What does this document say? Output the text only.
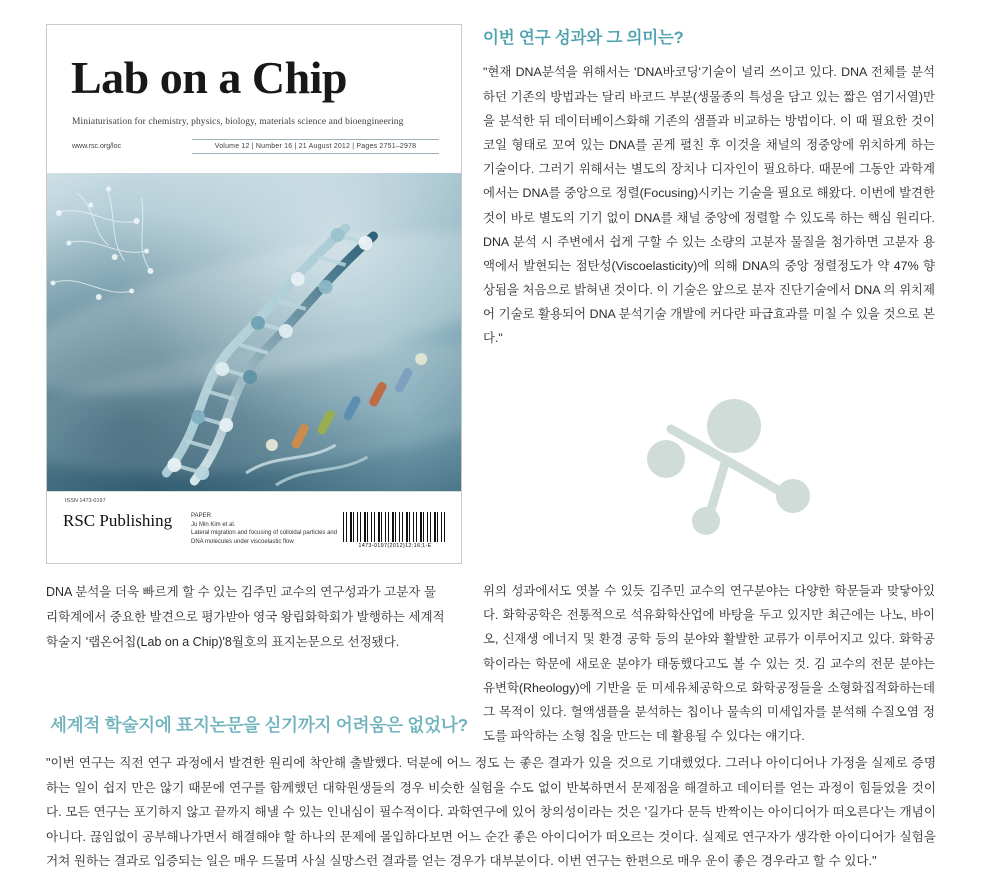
Lab on a Chip
Miniaturisation for chemistry, physics, biology, materials science and bioengineering
www.rsc.org/loc	Volume 12 | Number 16 | 21 August 2012 | Pages 2751–2978
ISSN 1473-0197
RSC Publishing	PAPER
Ju Min Kim et al.
Lateral migration and focusing of colloidal particles and DNA molecules under viscoelastic flow
1473-0197(2012)12:16;1-E
DNA 분석을 더욱 빠르게 할 수 있는 김주민 교수의 연구성과가 고분자 물리학계에서 중요한 발견으로 평가받아 영국 왕립화학회가 발행하는 세계적 학술지 '랩온어칩(Lab on a Chip)'8월호의 표지논문으로 선정됐다.
이번 연구 성과와 그 의미는?

"현재 DNA분석을 위해서는 'DNA바코딩'기술이 널리 쓰이고 있다. DNA 전체를 분석하던 기존의 방법과는 달리 바코드 부분(생물종의 특성을 담고 있는 짧은 염기서열)만을 분석한 뒤 데이터베이스화해 기존의 샘플과 비교하는 방법이다. 이 때 필요한 것이 코일 형태로 꼬여 있는 DNA를 곧게 펼친 후 이것을 채널의 정중앙에 위치하게 하는 기술이다. 그러기 위해서는 별도의 장치나 디자인이 필요하다. 때문에 그동안 과학계에서는 DNA를 중앙으로 정렬(Focusing)시키는 기술을 필요로 해왔다. 이번에 발견한 것이 바로 별도의 기기 없이 DNA를 채널 중앙에 정렬할 수 있도록 하는 핵심 원리다. DNA 분석 시 주변에서 쉽게 구할 수 있는 소량의 고분자 물질을 첨가하면 고분자 용액에서 발현되는 점탄성(Viscoelasticity)에 의해 DNA의 중앙 정렬정도가 약 47% 향상됨을 처음으로 밝혀낸 것이다. 이 기술은 앞으로 분자 진단기술에서 DNA 의 위치제어 기술로 활용되어 DNA 분석기술 개발에 커다란 파급효과를 미칠 수 있을 것으로 본다."

위의 성과에서도 엿볼 수 있듯 김주민 교수의 연구분야는 다양한 학문들과 맞닿아있다. 화학공학은 전통적으로 석유화학산업에 바탕을 두고 있지만 최근에는 나노, 바이오, 신재생 에너지 및 환경 공학 등의 분야와 활발한 교류가 이루어지고 있다. 화학공학이라는 학문에 새로운 분야가 태동했다고도 볼 수 있는 것. 김 교수의 전문 분야는 유변학(Rheology)에 기반을 둔 미세유체공학으로 화학공정들을 소형화집적화하는데 그 목적이 있다. 혈액샘플을 분석하는 칩이나 물속의 미세입자를 분석해 수질오염 정도를 파악하는 소형 칩을 만드는 데 활용될 수 있다는 얘기다.

세계적 학술지에 표지논문을 싣기까지 어려움은 없었나?

"이번 연구는 직전 연구 과정에서 발견한 원리에 착안해 출발했다. 덕분에 어느 정도 는 좋은 결과가 있을 것으로 기대했었다. 그러나 아이디어나 가정을 실제로 증명하는 일이 쉽지 만은 않기 때문에 연구를 함께했던 대학원생들의 경우 비슷한 실험을 수도 없이 반복하면서 문제점을 해결하고 데이터를 얻는 과정이 힘들었을 것이다. 모든 연구는 포기하지 않고 끝까지 해낼 수 있는 인내심이 필수적이다. 과학연구에 있어 창의성이라는 것은 '길가다 문득 반짝이는 아이디어가 떠오른다'는 개념이 아니다. 끊임없이 공부해나가면서 해결해야 할 하나의 문제에 몰입하다보면 어느 순간 좋은 아이디어가 떠오르는 것이다. 실제로 연구자가 생각한 아이디어가 실험을 거쳐 원하는 결과로 입증되는 일은 매우 드물며 사실 실망스런 결과를 얻는 경우가 대부분이다. 이번 연구는 한편으로 매우 운이 좋은 경우라고 할 수 있다."
